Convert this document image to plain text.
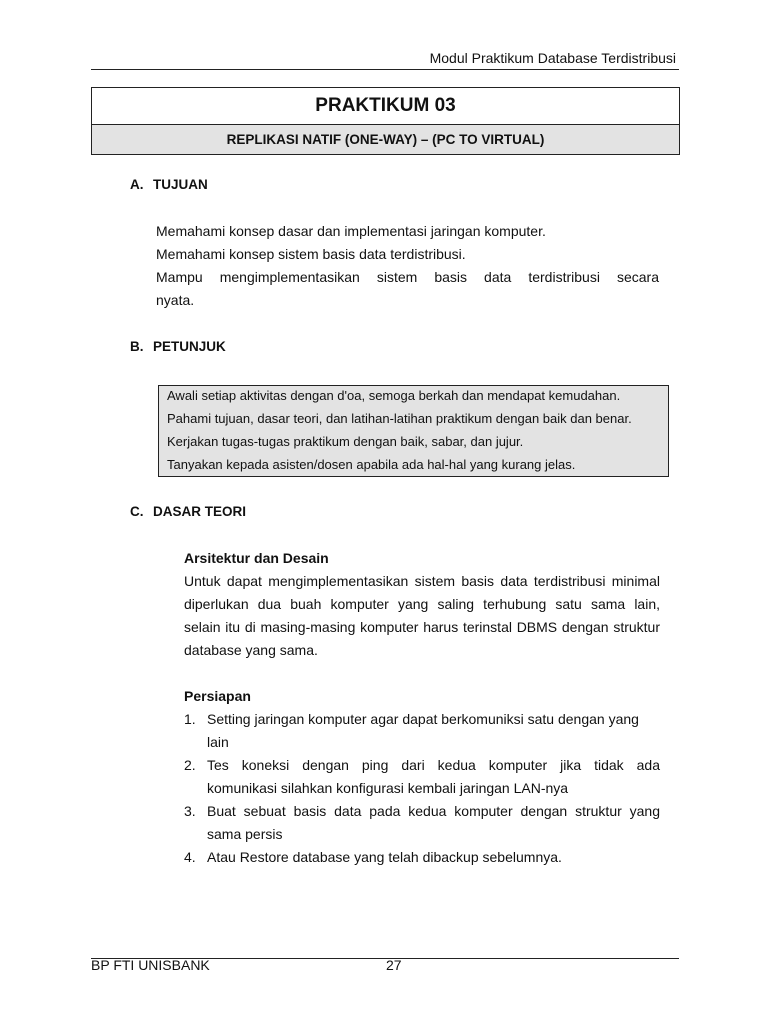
Modul Praktikum Database Terdistribusi
PRAKTIKUM 03
REPLIKASI NATIF (ONE-WAY) – (PC TO VIRTUAL)
A. TUJUAN
Memahami konsep dasar dan implementasi jaringan komputer.
Memahami konsep sistem basis data terdistribusi.
Mampu mengimplementasikan sistem basis data terdistribusi secara
nyata.
B. PETUNJUK
Awali setiap aktivitas dengan d'oa, semoga berkah dan mendapat kemudahan.
Pahami tujuan, dasar teori, dan latihan-latihan praktikum dengan baik dan benar.
Kerjakan tugas-tugas praktikum dengan baik, sabar, dan jujur.
Tanyakan kepada asisten/dosen apabila ada hal-hal yang kurang jelas.
C. DASAR TEORI
Arsitektur dan Desain
Untuk dapat mengimplementasikan sistem basis data terdistribusi minimal
diperlukan dua buah komputer yang saling terhubung satu sama lain,
selain itu di masing-masing komputer harus terinstal DBMS dengan struktur
database yang sama.
Persiapan
1. Setting jaringan komputer agar dapat berkomuniksi satu dengan yang
lain
2. Tes koneksi dengan ping dari kedua komputer jika tidak ada
komunikasi silahkan konfigurasi kembali jaringan LAN-nya
3. Buat sebuat basis data pada kedua komputer dengan struktur yang
sama persis
4. Atau Restore database yang telah dibackup sebelumnya.
BP FTI UNISBANK	27
